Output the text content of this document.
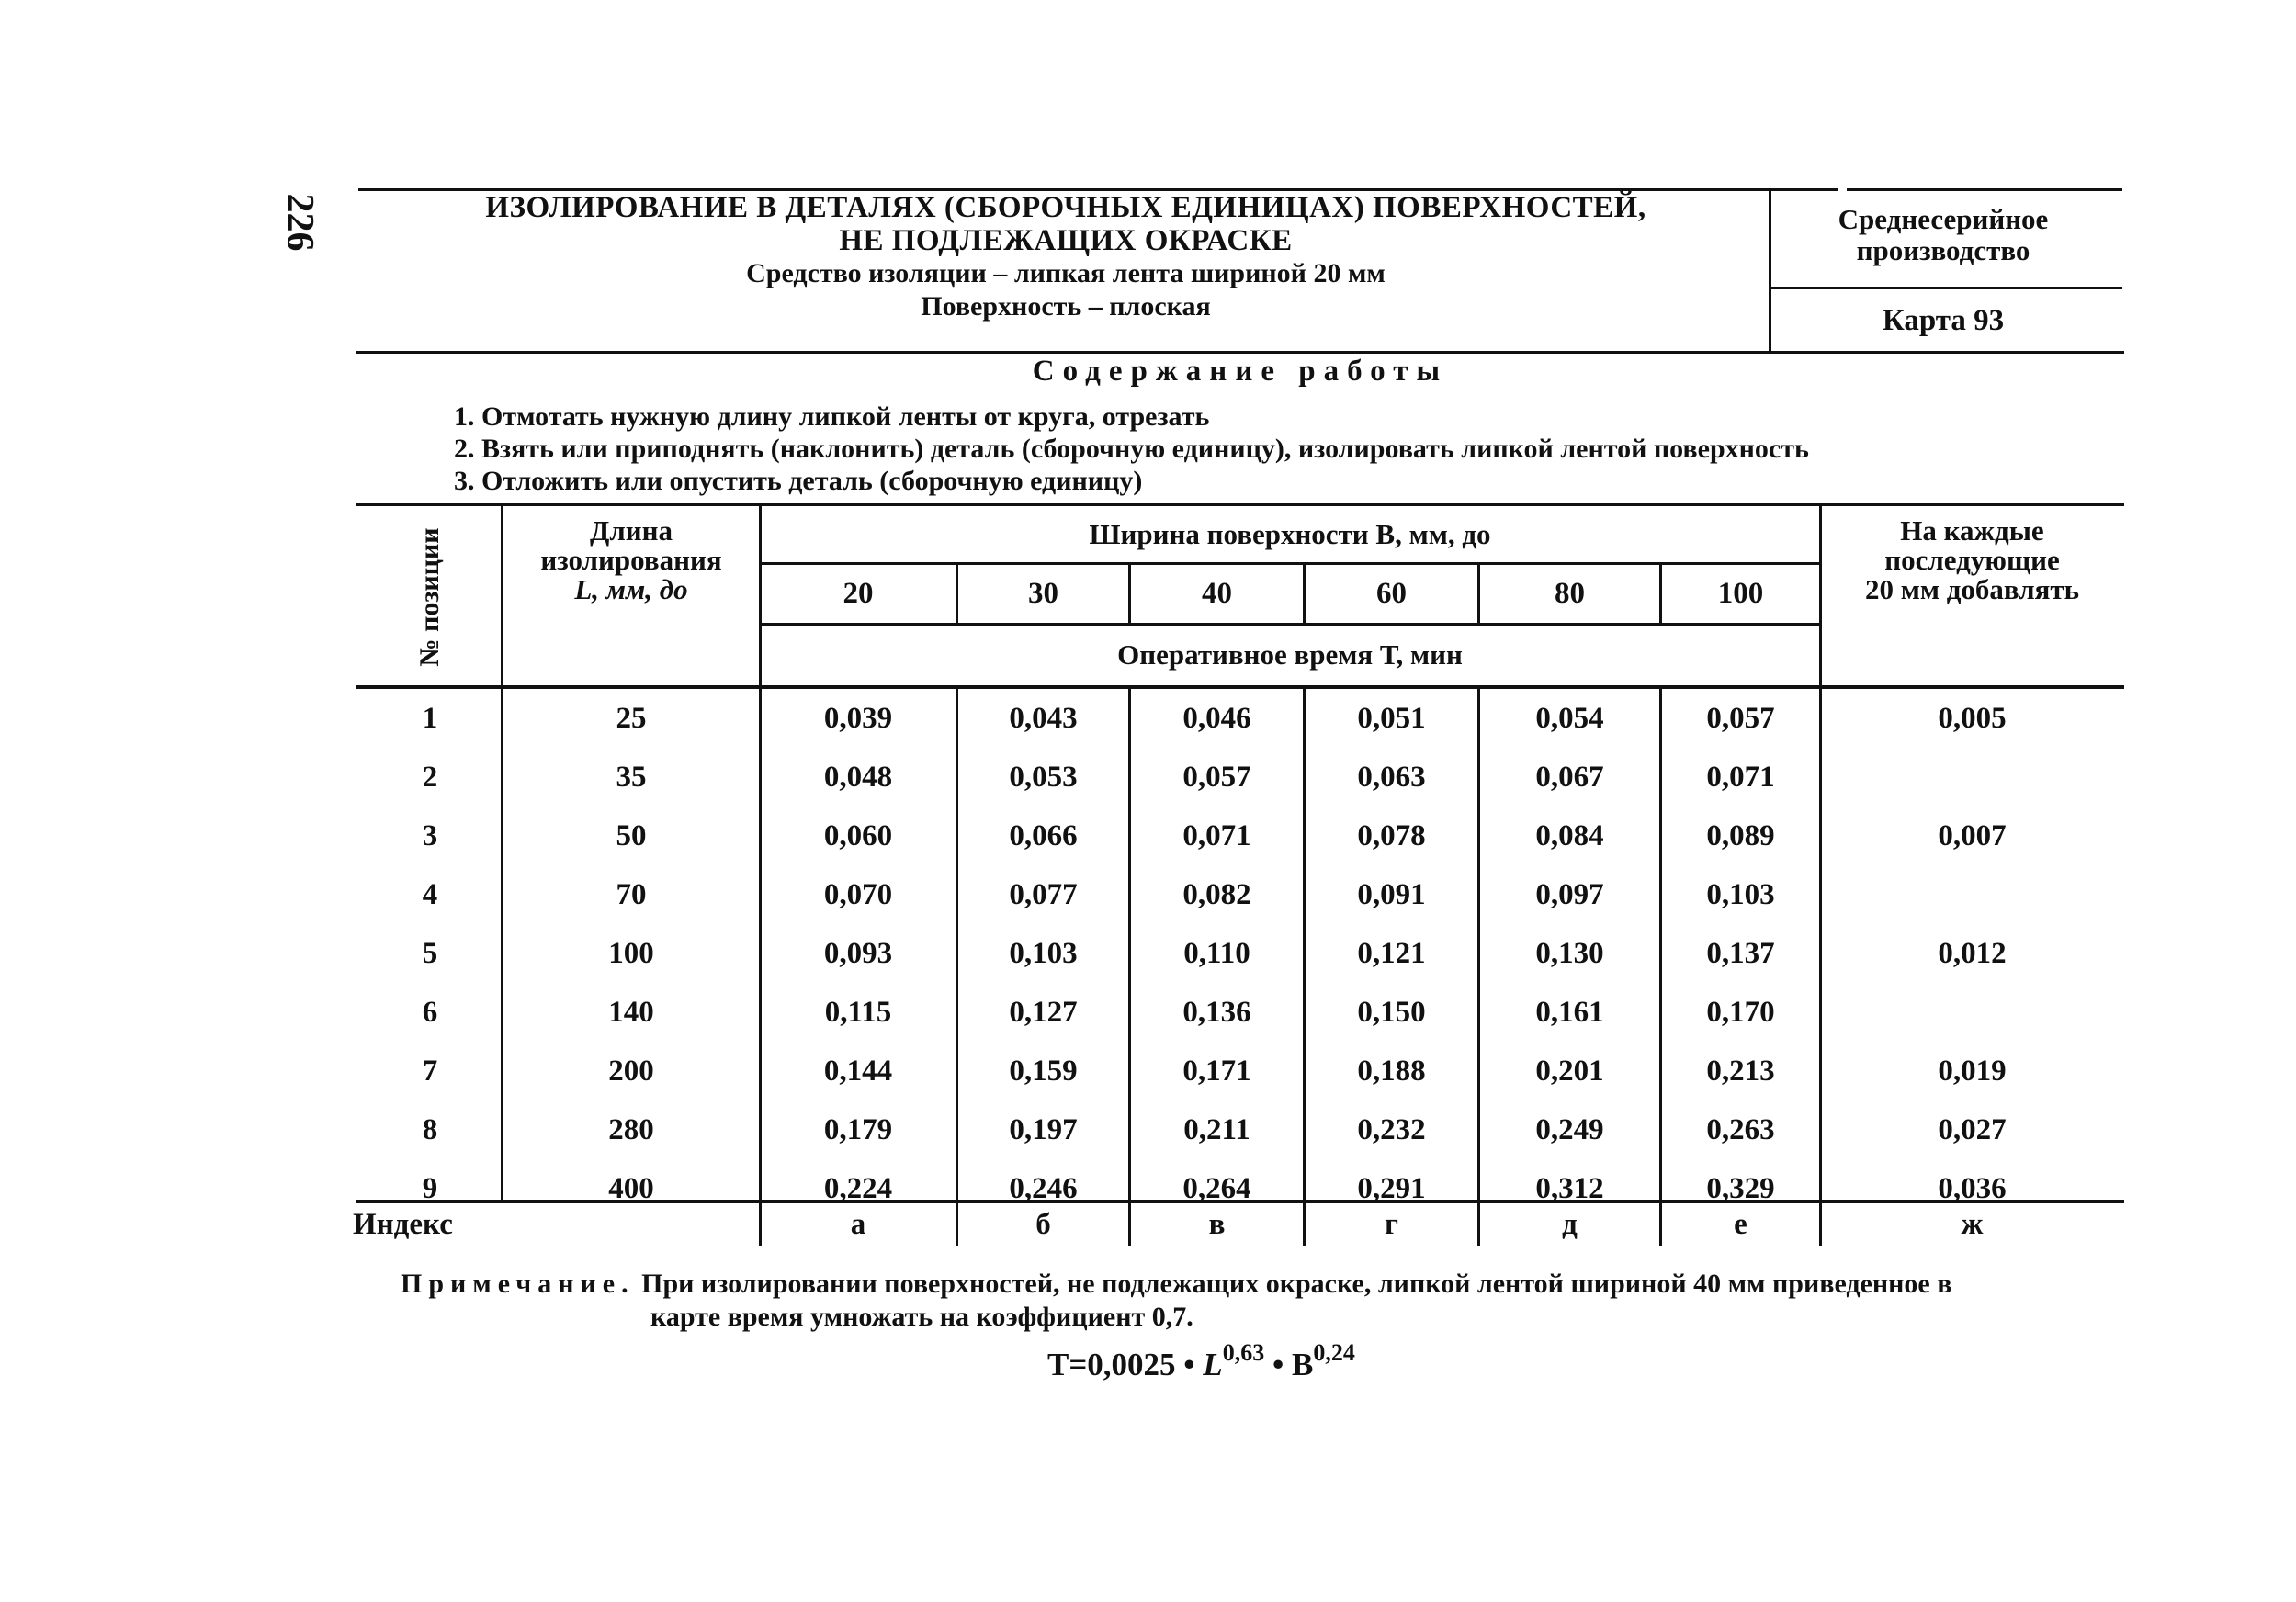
226	ИЗОЛИРОВАНИЕ В ДЕТАЛЯХ (СБОРОЧНЫХ ЕДИНИЦАХ) ПОВЕРХНОСТЕЙ,
НЕ ПОДЛЕЖАЩИХ ОКРАСКЕ
Средство изоляции – липкая лента шириной 20 мм
Поверхность – плоская
Среднесерийное
производство
Карта 93
Содержание работы
1. Отмотать нужную длину липкой ленты от круга, отрезать
2. Взять или приподнять (наклонить) деталь (сборочную единицу), изолировать липкой лентой поверхность
3. Отложить или опустить деталь (сборочную единицу)
№ позиции	Длина
изолирования
L, мм, до
Ширина поверхности В, мм, до
20	30	40	60	80	100
Оперативное время Т, мин
На каждые
последующие
20 мм добавлять
1	25	0,039	0,043	0,046	0,051	0,054	0,057	0,005
2	35	0,048	0,053	0,057	0,063	0,067	0,071
3	50	0,060	0,066	0,071	0,078	0,084	0,089	0,007
4	70	0,070	0,077	0,082	0,091	0,097	0,103
5	100	0,093	0,103	0,110	0,121	0,130	0,137	0,012
6	140	0,115	0,127	0,136	0,150	0,161	0,170
7	200	0,144	0,159	0,171	0,188	0,201	0,213	0,019
8	280	0,179	0,197	0,211	0,232	0,249	0,263	0,027
9	400	0,224	0,246	0,264	0,291	0,312	0,329	0,036
Индекс	а	б	в	г	д	е	ж
Примечание. При изолировании поверхностей, не подлежащих окраске, липкой лентой шириной 40 мм приведенное в
карте время умножать на коэффициент 0,7.
Т=0,0025 • L$^{0,63}$ • В$^{0,24}$
